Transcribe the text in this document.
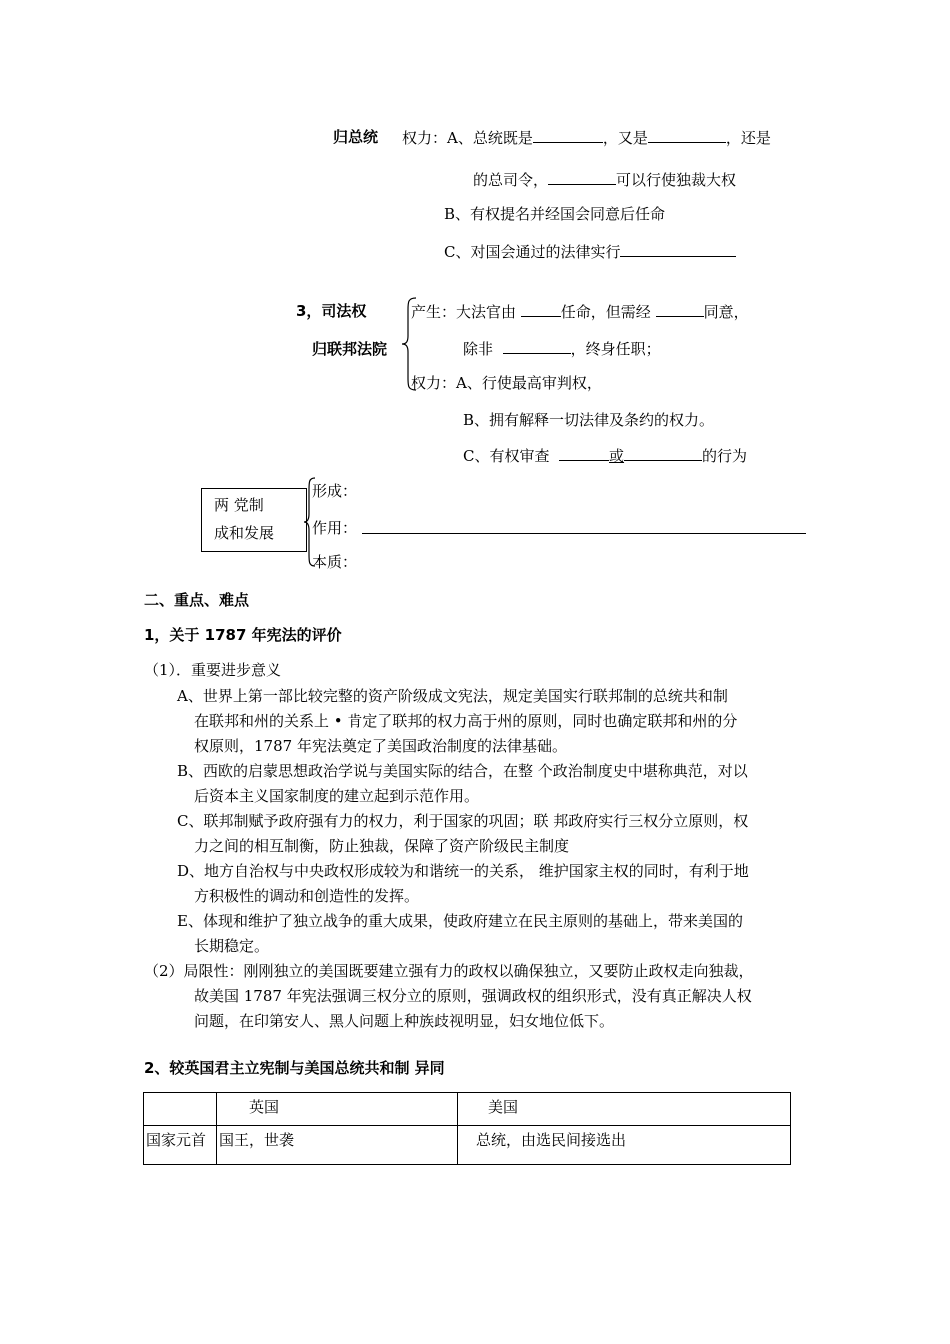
归总统 权力：A、总统既是	，又是	，还是
的总司令，	可以行使独裁大权
B、有权提名并经国会同意后任命
C、对国会通过的法律实行
3，司法权
归联邦法院
产生：大法官由	任命，但需经	同意，
除非	，终身任职；
权力：A、行使最高审判权，
B、拥有解释一切法律及条约的权力。
C、有权审查	或	的行为
两 党制
成和发展
形成：
作用：
本质：
二、重点、难点
1，关于 1787 年宪法的评价
（1）．重要进步意义
A、世界上第一部比较完整的资产阶级成文宪法，规定美国实行联邦制的总统共和制
在联邦和州的关系上 • 肯定了联邦的权力高于州的原则，同时也确定联邦和州的分
权原则，1787 年宪法奠定了美国政治制度的法律基础。
B、西欧的启蒙思想政治学说与美国实际的结合，在整 个政治制度史中堪称典范，对以
后资本主义国家制度的建立起到示范作用。
C、联邦制赋予政府强有力的权力，利于国家的巩固；联 邦政府实行三权分立原则，权
力之间的相互制衡，防止独裁，保障了资产阶级民主制度
D、地方自治权与中央政权形成较为和谐统一的关系， 维护国家主权的同时，有利于地
方积极性的调动和创造性的发挥。
E、体现和维护了独立战争的重大成果，使政府建立在民主原则的基础上，带来美国的
长期稳定。
（2）局限性：刚刚独立的美国既要建立强有力的政权以确保独立，又要防止政权走向独裁，
故美国 1787 年宪法强调三权分立的原则，强调政权的组织形式，没有真正解决人权
问题，在印第安人、黑人问题上种族歧视明显，妇女地位低下。
2、较英国君主立宪制与美国总统共和制 异同
	英国	美国
国家元首	国王，世袭	总统，由选民间接选出
